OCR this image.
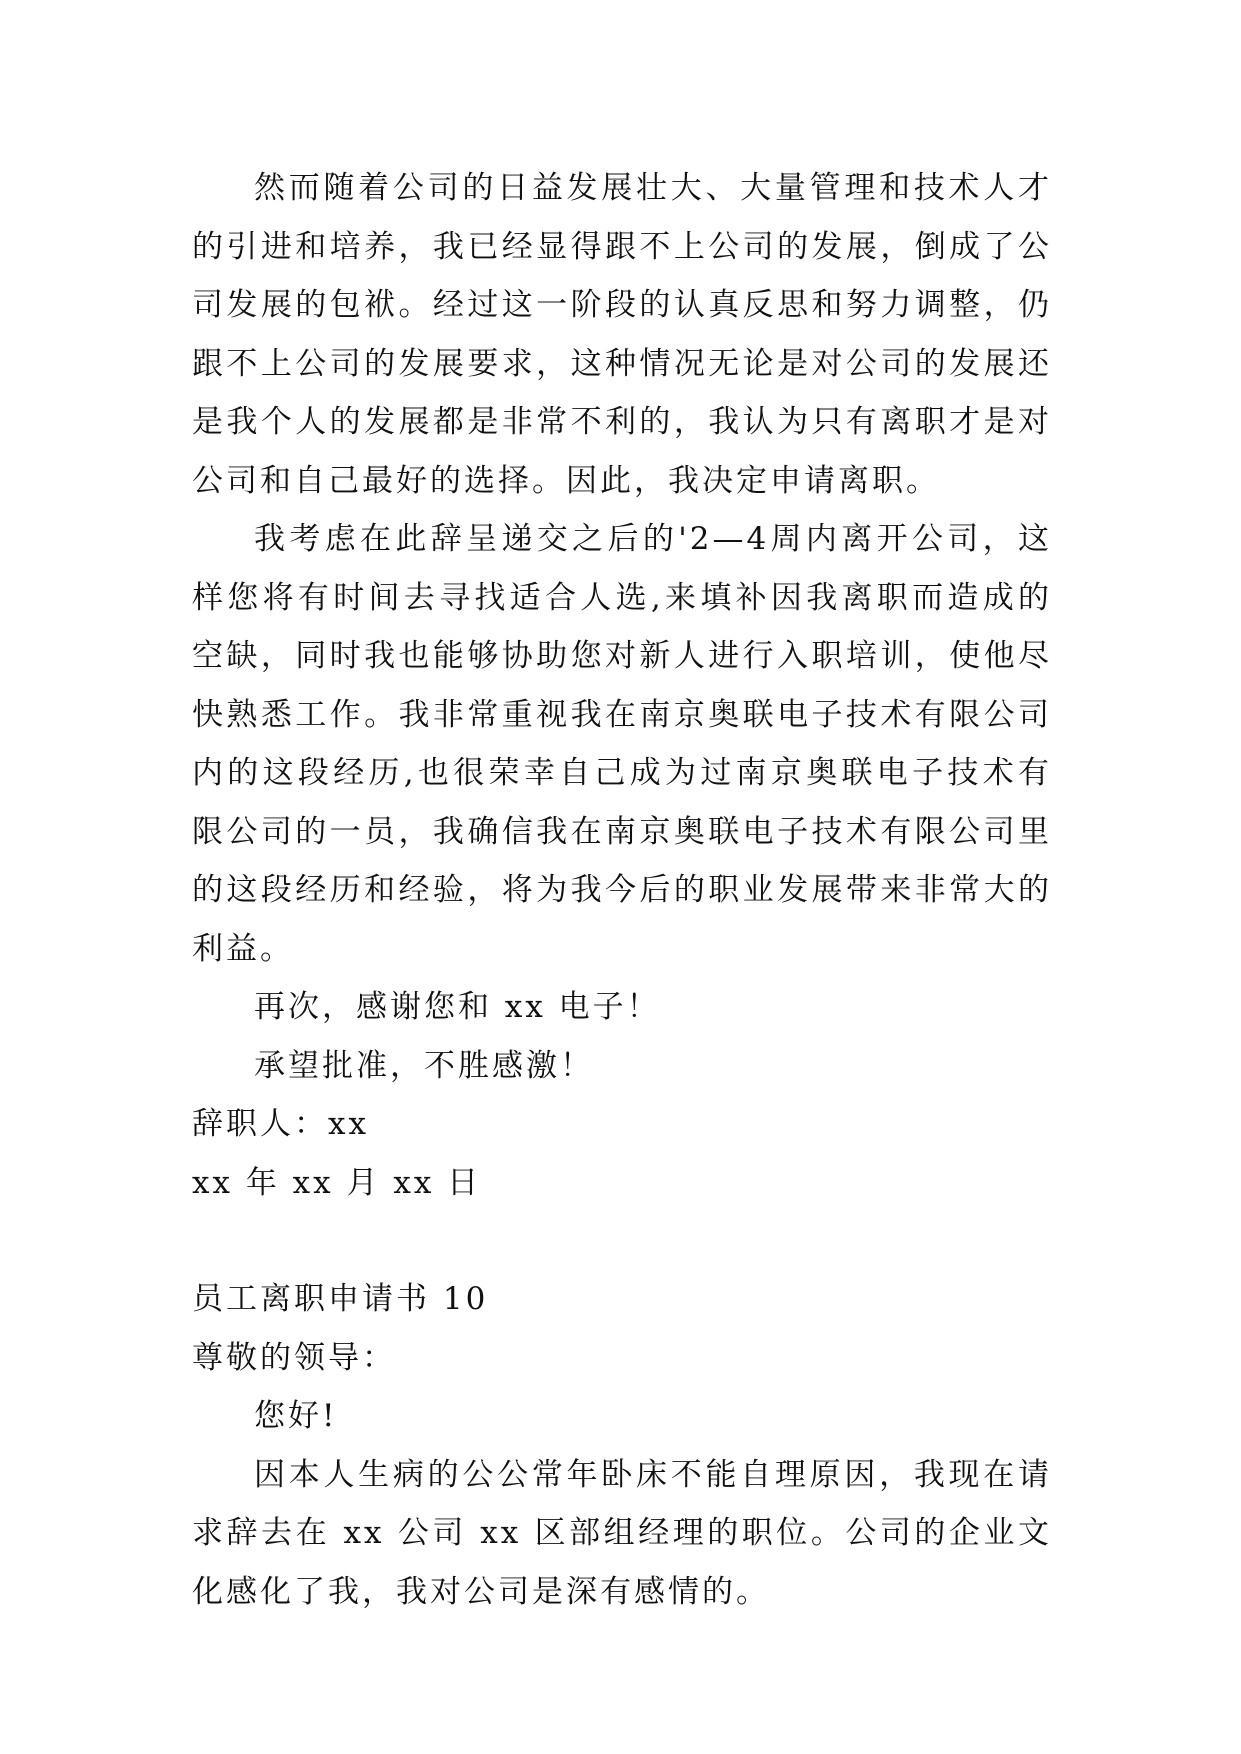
然而随着公司的日益发展壮大、大量管理和技术人才的引进和培养，我已经显得跟不上公司的发展，倒成了公司发展的包袱。经过这一阶段的认真反思和努力调整，仍跟不上公司的发展要求，这种情况无论是对公司的发展还是我个人的发展都是非常不利的，我认为只有离职才是对公司和自己最好的选择。因此，我决定申请离职。

我考虑在此辞呈递交之后的'2—4周内离开公司，这样您将有时间去寻找适合人选,来填补因我离职而造成的空缺，同时我也能够协助您对新人进行入职培训，使他尽快熟悉工作。我非常重视我在南京奥联电子技术有限公司内的这段经历,也很荣幸自己成为过南京奥联电子技术有限公司的一员，我确信我在南京奥联电子技术有限公司里的这段经历和经验，将为我今后的职业发展带来非常大的利益。

再次，感谢您和 xx 电子！

承望批准，不胜感激！

辞职人：xx

xx 年 xx 月 xx 日

员工离职申请书 10

尊敬的领导：

您好!

因本人生病的公公常年卧床不能自理原因，我现在请求辞去在 xx 公司 xx 区部组经理的职位。公司的企业文化感化了我，我对公司是深有感情的。
